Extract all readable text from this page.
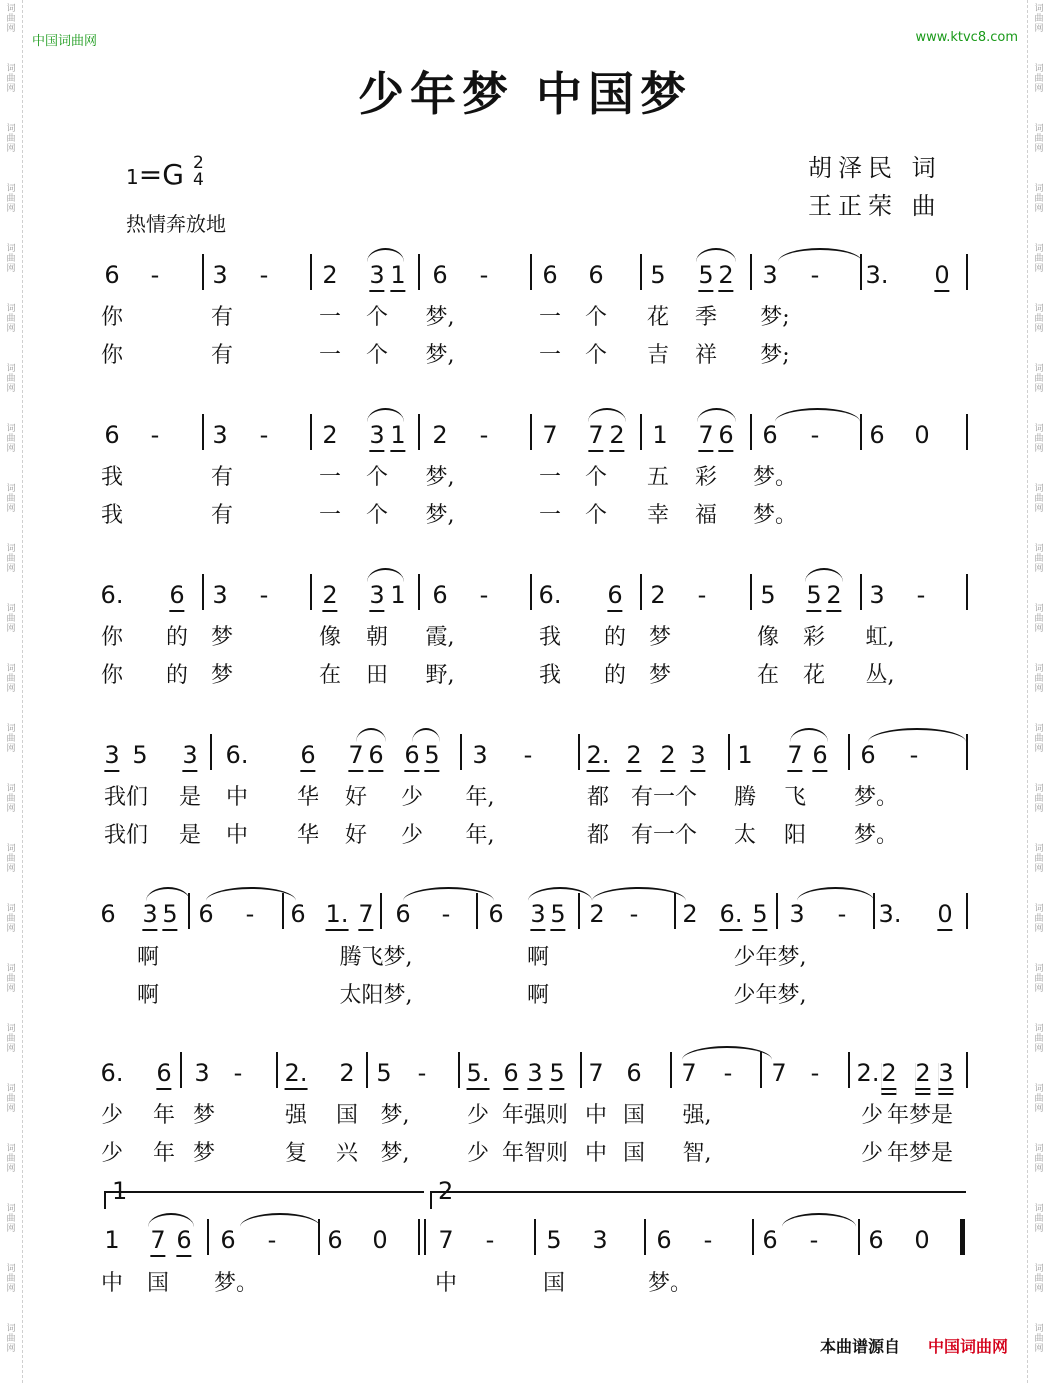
词
曲
网
词
曲
网
词
曲
网
词
曲
网
词
曲
网
词
曲
网
词
曲
网
词
曲
网
词
曲
网
词
曲
网
词
曲
网
词
曲
网
词
曲
网
词
曲
网
词
曲
网
词
曲
网
词
曲
网
词
曲
网
词
曲
网
词
曲
网
词
曲
网
词
曲
网
词
曲
网
词
曲
网
词
曲
网
词
曲
网
词
曲
网
词
曲
网
词
曲
网
词
曲
网
词
曲
网
词
曲
网
词
曲
网
词
曲
网
词
曲
网
词
曲
网
词
曲
网
词
曲
网
词
曲
网
词
曲
网
词
曲
网
词
曲
网
词
曲
网
词
曲
网
词
曲
网
词
曲
网
中国词曲网	www.ktvc8.com
少年梦 中国梦
1=G 2
4
热情奔放地
胡泽民 词
王正荣 曲
6 - 3 - 2 3 1 6 - 6 6 5 5 2 3 - 3. 0
你	有	一 个 梦,	一 个 花 季 梦;
你	有	一 个 梦,	一 个 吉 祥 梦;
6 - 3 - 2 3 1 2 - 7 7 2 1 7 6 6 - 6 0
我	有	一 个 梦,	一 个 五 彩 梦。
我	有	一 个 梦,	一 个 幸 福 梦。
6. 6 3 - 2 3 1 6 - 6. 6 2 - 5 5 2 3 -
你 的 梦	像 朝 霞,	我 的 梦	像 彩 虹,
你 的 梦	在 田 野,	我 的 梦	在 花 丛,
3 5 3 6. 6 7 6 6 5 3 - 2. 2 2 3 1 7 6 6 -
我们 是 中 华 好 少 年,	都 有一个 腾 飞 梦。
我们 是 中 华 好 少 年,	都 有一个 太 阳 梦。
6 3 5 6 - 6 1. 7 6 - 6 3 5 2 - 2 6. 5 3 - 3. 0
啊	腾飞梦,	啊	少年梦,
啊	太阳梦,	啊	少年梦,
6. 6 3 - 2. 2 5 - 5. 6 3 5 7 6 7 - 7 - 2. 2 2 3
少 年 梦	强 国 梦,	少 年强则 中 国 强,	少 年梦是
少 年 梦	复 兴 梦,	少 年智则 中 国 智,	少 年梦是
1 7 6 6 - 6 0 7 - 5 3 6 - 6 - 6 0
1	2
中 国 梦。	中	国	梦。
本曲谱源自 中国词曲网
